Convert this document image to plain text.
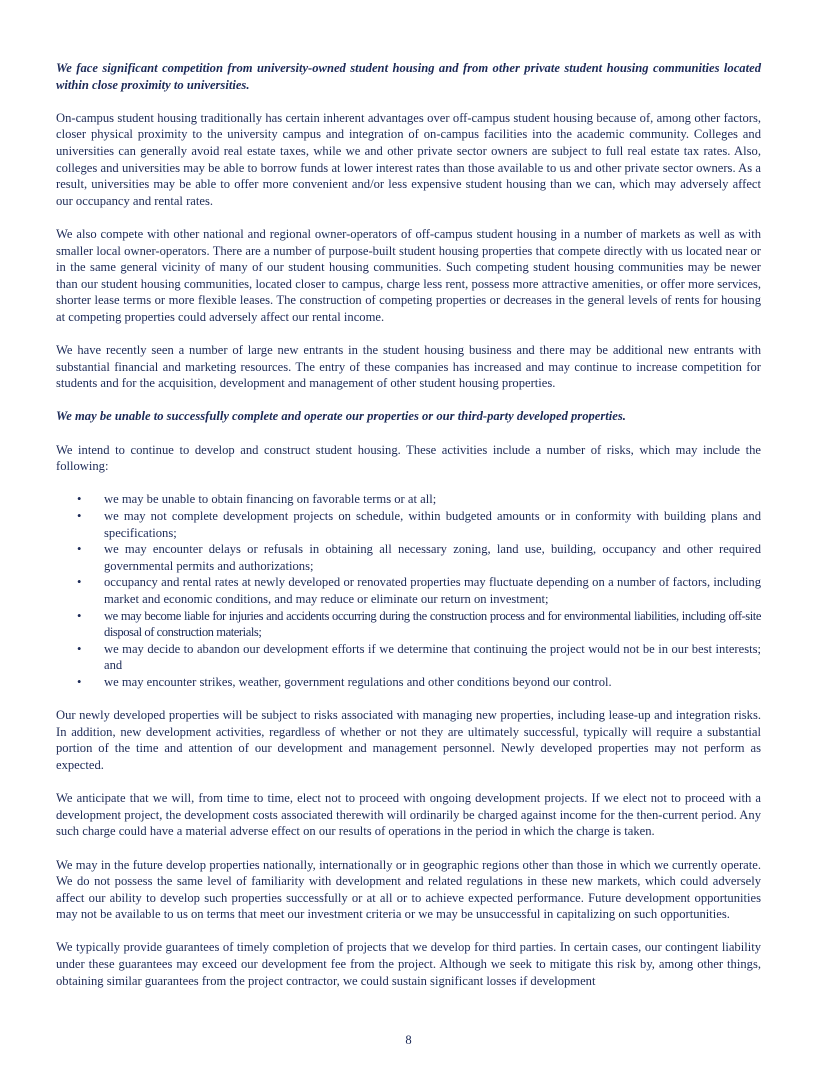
We face significant competition from university-owned student housing and from other private student housing communities located within close proximity to universities.

On-campus student housing traditionally has certain inherent advantages over off-campus student housing because of, among other factors, closer physical proximity to the university campus and integration of on-campus facilities into the academic community. Colleges and universities can generally avoid real estate taxes, while we and other private sector owners are subject to full real estate tax rates. Also, colleges and universities may be able to borrow funds at lower interest rates than those available to us and other private sector owners. As a result, universities may be able to offer more convenient and/or less expensive student housing than we can, which may adversely affect our occupancy and rental rates.

We also compete with other national and regional owner-operators of off-campus student housing in a number of markets as well as with smaller local owner-operators. There are a number of purpose-built student housing properties that compete directly with us located near or in the same general vicinity of many of our student housing communities. Such competing student housing communities may be newer than our student housing communities, located closer to campus, charge less rent, possess more attractive amenities, or offer more services, shorter lease terms or more flexible leases. The construction of competing properties or decreases in the general levels of rents for housing at competing properties could adversely affect our rental income.

We have recently seen a number of large new entrants in the student housing business and there may be additional new entrants with substantial financial and marketing resources. The entry of these companies has increased and may continue to increase competition for students and for the acquisition, development and management of other student housing properties.

We may be unable to successfully complete and operate our properties or our third-party developed properties.

We intend to continue to develop and construct student housing. These activities include a number of risks, which may include the following:

• we may be unable to obtain financing on favorable terms or at all;
• we may not complete development projects on schedule, within budgeted amounts or in conformity with building plans and specifications;
• we may encounter delays or refusals in obtaining all necessary zoning, land use, building, occupancy and other required governmental permits and authorizations;
• occupancy and rental rates at newly developed or renovated properties may fluctuate depending on a number of factors, including market and economic conditions, and may reduce or eliminate our return on investment;
• we may become liable for injuries and accidents occurring during the construction process and for environmental liabilities, including off-site disposal of construction materials;
• we may decide to abandon our development efforts if we determine that continuing the project would not be in our best interests; and
• we may encounter strikes, weather, government regulations and other conditions beyond our control.

Our newly developed properties will be subject to risks associated with managing new properties, including lease-up and integration risks. In addition, new development activities, regardless of whether or not they are ultimately successful, typically will require a substantial portion of the time and attention of our development and management personnel. Newly developed properties may not perform as expected.

We anticipate that we will, from time to time, elect not to proceed with ongoing development projects. If we elect not to proceed with a development project, the development costs associated therewith will ordinarily be charged against income for the then-current period. Any such charge could have a material adverse effect on our results of operations in the period in which the charge is taken.

We may in the future develop properties nationally, internationally or in geographic regions other than those in which we currently operate. We do not possess the same level of familiarity with development and related regulations in these new markets, which could adversely affect our ability to develop such properties successfully or at all or to achieve expected performance. Future development opportunities may not be available to us on terms that meet our investment criteria or we may be unsuccessful in capitalizing on such opportunities.

We typically provide guarantees of timely completion of projects that we develop for third parties. In certain cases, our contingent liability under these guarantees may exceed our development fee from the project. Although we seek to mitigate this risk by, among other things, obtaining similar guarantees from the project contractor, we could sustain significant losses if development

8
